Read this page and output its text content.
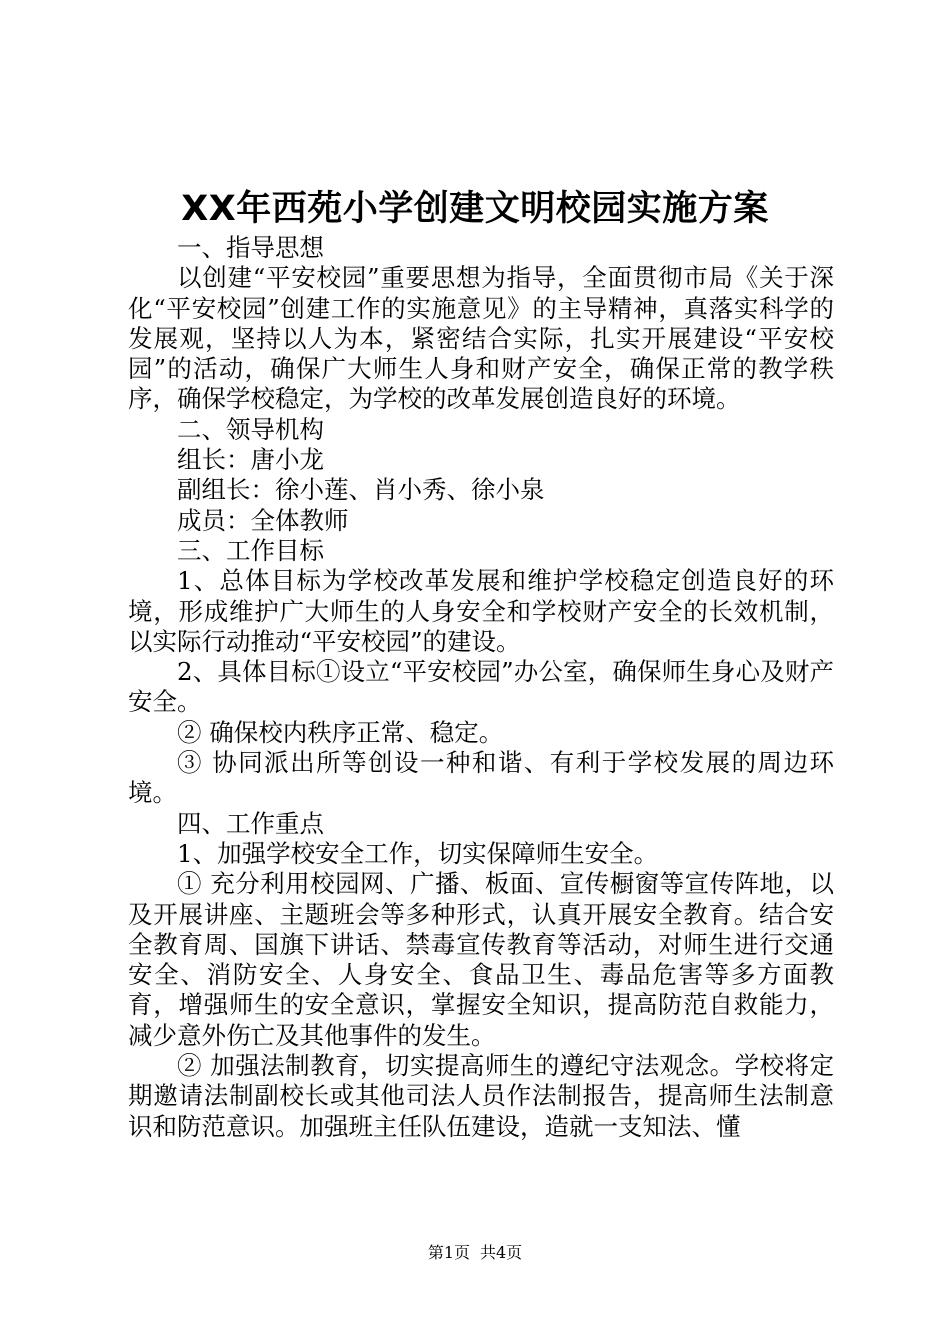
XX年西苑小学创建文明校园实施方案

一、指导思想

以创建“平安校园”重要思想为指导，全面贯彻市局《关于深化“平安校园”创建工作的实施意见》的主导精神，真落实科学的发展观，坚持以人为本，紧密结合实际，扎实开展建设“平安校园”的活动，确保广大师生人身和财产安全，确保正常的教学秩序，确保学校稳定，为学校的改革发展创造良好的环境。

二、领导机构

组长：唐小龙

副组长：徐小莲、肖小秀、徐小泉

成员：全体教师

三、工作目标

1、总体目标为学校改革发展和维护学校稳定创造良好的环境，形成维护广大师生的人身安全和学校财产安全的长效机制，以实际行动推动“平安校园”的建设。

2、具体目标①设立“平安校园”办公室，确保师生身心及财产安全。

② 确保校内秩序正常、稳定。

③ 协同派出所等创设一种和谐、有利于学校发展的周边环境。

四、工作重点

1、加强学校安全工作，切实保障师生安全。

① 充分利用校园网、广播、板面、宣传橱窗等宣传阵地，以及开展讲座、主题班会等多种形式，认真开展安全教育。结合安全教育周、国旗下讲话、禁毒宣传教育等活动，对师生进行交通安全、消防安全、人身安全、食品卫生、毒品危害等多方面教育，增强师生的安全意识，掌握安全知识，提高防范自救能力，减少意外伤亡及其他事件的发生。

② 加强法制教育，切实提高师生的遵纪守法观念。学校将定期邀请法制副校长或其他司法人员作法制报告，提高师生法制意识和防范意识。加强班主任队伍建设，造就一支知法、懂

第1页 共4页
